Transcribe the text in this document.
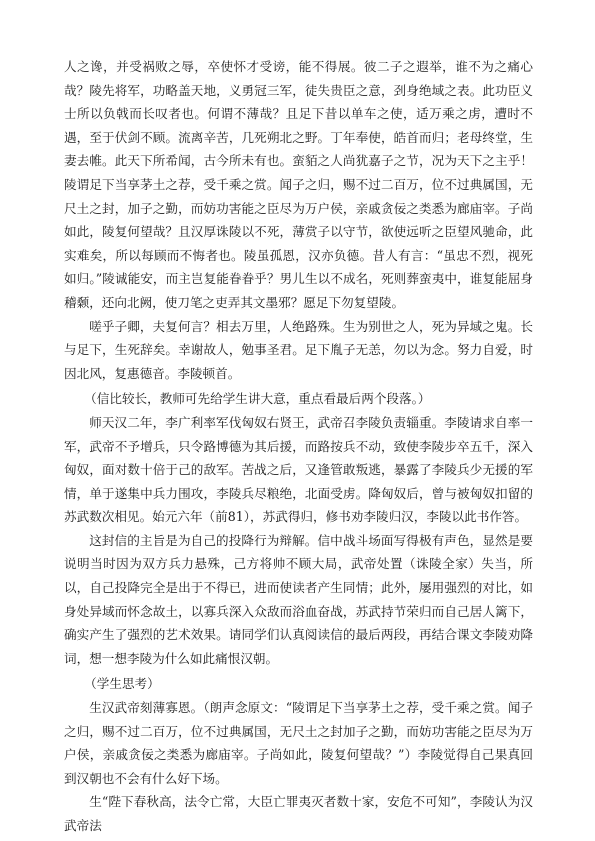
人之谗，并受祸败之辱，卒使怀才受谤，能不得展。彼二子之遐举，谁不为之痛心哉？陵先将军，功略盖天地，义勇冠三军，徒失贵臣之意，刭身绝域之表。此功臣义士所以负戟而长叹者也。何谓不薄哉？且足下昔以单车之使，适万乘之虏，遭时不遇，至于伏剑不顾。流离辛苦，几死朔北之野。丁年奉使，皓首而归；老母终堂，生妻去帷。此天下所希闻，古今所未有也。蛮貊之人尚犹嘉子之节，况为天下之主乎！陵谓足下当享茅土之荐，受千乘之赏。闻子之归，赐不过二百万，位不过典属国，无尺土之封，加子之勤，而妨功害能之臣尽为万户侯，亲戚贪佞之类悉为廊庙宰。子尚如此，陵复何望哉？且汉厚诛陵以不死，薄赏子以守节，欲使远听之臣望风驰命，此实难矣，所以每顾而不悔者也。陵虽孤恩，汉亦负德。昔人有言：“虽忠不烈，视死如归。”陵诚能安，而主岂复能眷眷乎？男儿生以不成名，死则葬蛮夷中，谁复能屈身稽颡，还向北阙，使刀笔之吏弄其文墨邪？愿足下勿复望陵。

嗟乎子卿，夫复何言？相去万里，人绝路殊。生为别世之人，死为异域之鬼。长与足下，生死辞矣。幸谢故人，勉事圣君。足下胤子无恙，勿以为念。努力自爱，时因北风，复惠德音。李陵顿首。

（信比较长，教师可先给学生讲大意，重点看最后两个段落。）

师天汉二年，李广利率军伐匈奴右贤王，武帝召李陵负责辎重。李陵请求自率一军，武帝不予增兵，只令路博德为其后援，而路按兵不动，致使李陵步卒五千，深入匈奴，面对数十倍于己的敌军。苦战之后，又逢管敢叛逃，暴露了李陵兵少无援的军情，单于遂集中兵力围攻，李陵兵尽粮绝，北面受虏。降匈奴后，曾与被匈奴扣留的苏武数次相见。始元六年（前81），苏武得归，修书劝李陵归汉，李陵以此书作答。

这封信的主旨是为自己的投降行为辩解。信中战斗场面写得极有声色，显然是要说明当时因为双方兵力悬殊，己方将帅不顾大局，武帝处置（诛陵全家）失当，所以，自己投降完全是出于不得已，进而使读者产生同情；此外，屡用强烈的对比，如身处异域而怀念故土，以寡兵深入众敌而浴血奋战，苏武持节荣归而自己居人篱下，确实产生了强烈的艺术效果。请同学们认真阅读信的最后两段，再结合课文李陵劝降词，想一想李陵为什么如此痛恨汉朝。

（学生思考）

生汉武帝刻薄寡恩。（朗声念原文：“陵谓足下当享茅土之荐，受千乘之赏。闻子之归，赐不过二百万，位不过典属国，无尺土之封加子之勤，而妨功害能之臣尽为万户侯，亲戚贪佞之类悉为廊庙宰。子尚如此，陵复何望哉？”）李陵觉得自己果真回到汉朝也不会有什么好下场。

生“陛下春秋高，法令亡常，大臣亡罪夷灭者数十家，安危不可知”，李陵认为汉武帝法
